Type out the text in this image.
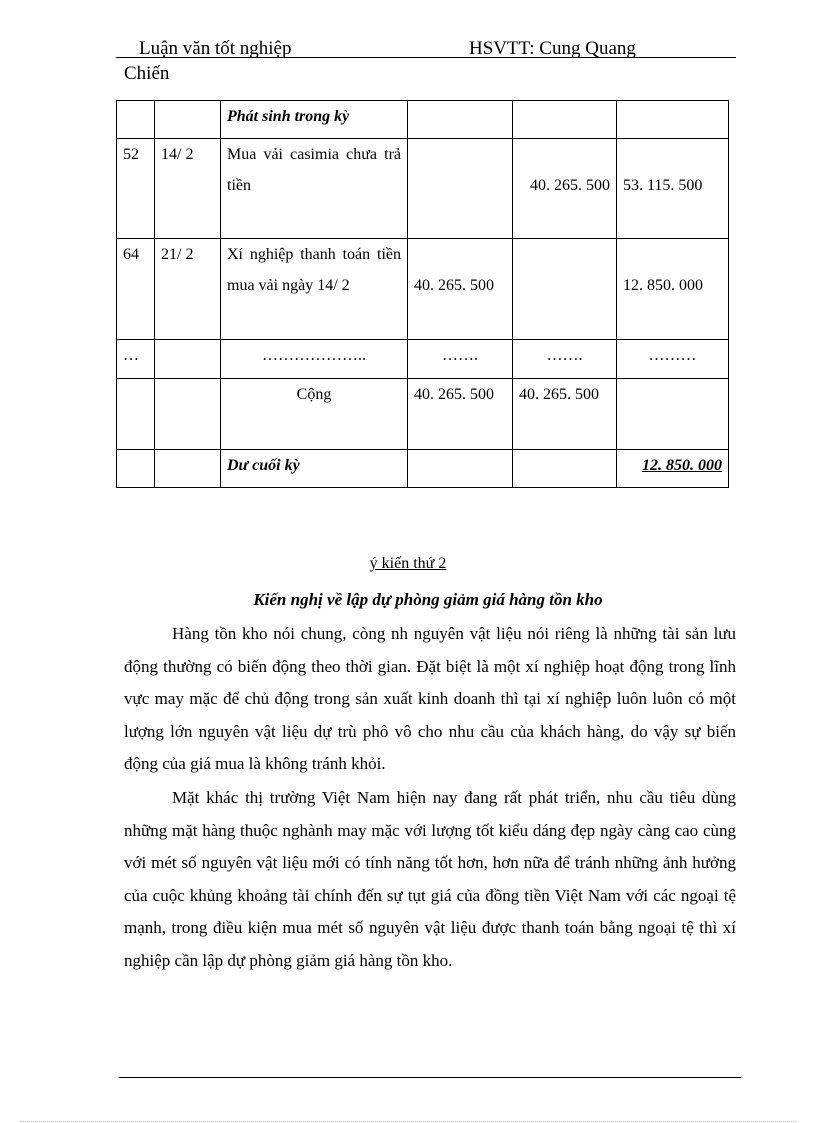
Luận văn tốt nghiệp	HSVTT: Cung Quang
Chiến

		Phát sinh trong kỳ			

52	14/ 2	Mua vải casimia chưa trả tiền		40. 265. 500	53. 115. 500

64	21/ 2	Xí nghiệp thanh toán tiền mua vải ngày 14/ 2	40. 265. 500		12. 850. 000

…		………………..	…….	…….	………

		Cộng	40. 265. 500	40. 265. 500	

		Dư cuối kỳ			12. 850. 000
ý kiến thứ 2
Kiến nghị về lập dự phòng giảm giá hàng tồn kho

Hàng tồn kho nói chung, còng nh nguyên vật liệu nói riêng là những tài sản lưu động thường có biến động theo thời gian. Đặt biệt là một xí nghiệp hoạt động trong lĩnh vực may mặc để chủ động trong sản xuất kinh doanh thì tại xí nghiệp luôn luôn có một lượng lớn nguyên vật liệu dự trù phô vô cho nhu cầu của khách hàng, do vậy sự biến động của giá mua là không tránh khỏi.

Mặt khác thị trường Việt Nam hiện nay đang rất phát triển, nhu cầu tiêu dùng những mặt hàng thuộc nghành may mặc với lượng tốt kiểu dáng đẹp ngày càng cao cùng với mét số nguyên vật liệu mới có tính năng tốt hơn, hơn nữa để tránh những ảnh hưởng của cuộc khủng khoảng tài chính đến sự tụt giá của đồng tiền Việt Nam với các ngoại tệ mạnh, trong điều kiện mua mét số nguyên vật liệu được thanh toán bằng ngoại tệ thì xí nghiệp cần lập dự phòng giảm giá hàng tồn kho.
